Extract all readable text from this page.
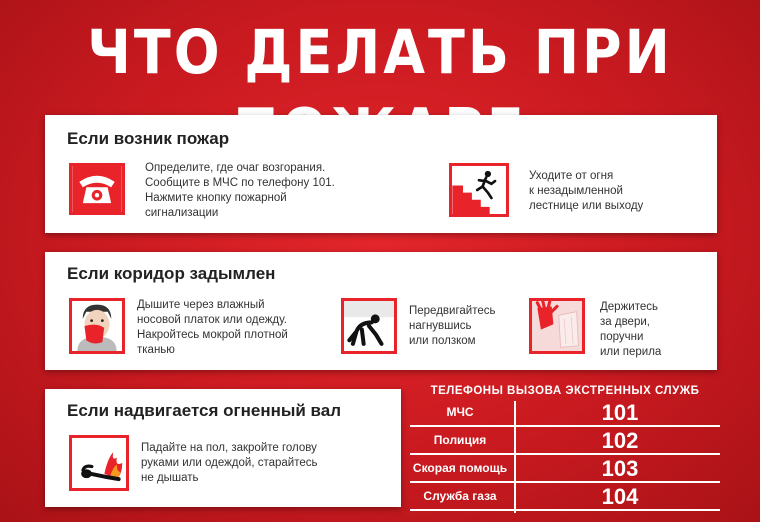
ЧТО ДЕЛАТЬ ПРИ
Если возник пожар
Определите, где очаг возгорания.
Сообщите в МЧС по телефону 101.
Нажмите кнопку пожарной
сигнализации
Уходите от огня
к незадымленной
лестнице или выходу
Если коридор задымлен
Дышите через влажный
носовой платок или одежду.
Накройтесь мокрой плотной
тканью
Передвигайтесь
нагнувшись
или ползком
Держитесь
за двери,
поручни
или перила
Если надвигается огненный вал
Падайте на пол, закройте голову
руками или одеждой, старайтесь
не дышать
ТЕЛЕФОНЫ ВЫЗОВА ЭКСТРЕННЫХ СЛУЖБ
МЧС	101
Полиция	102
Скорая помощь	103
Служба газа	104
